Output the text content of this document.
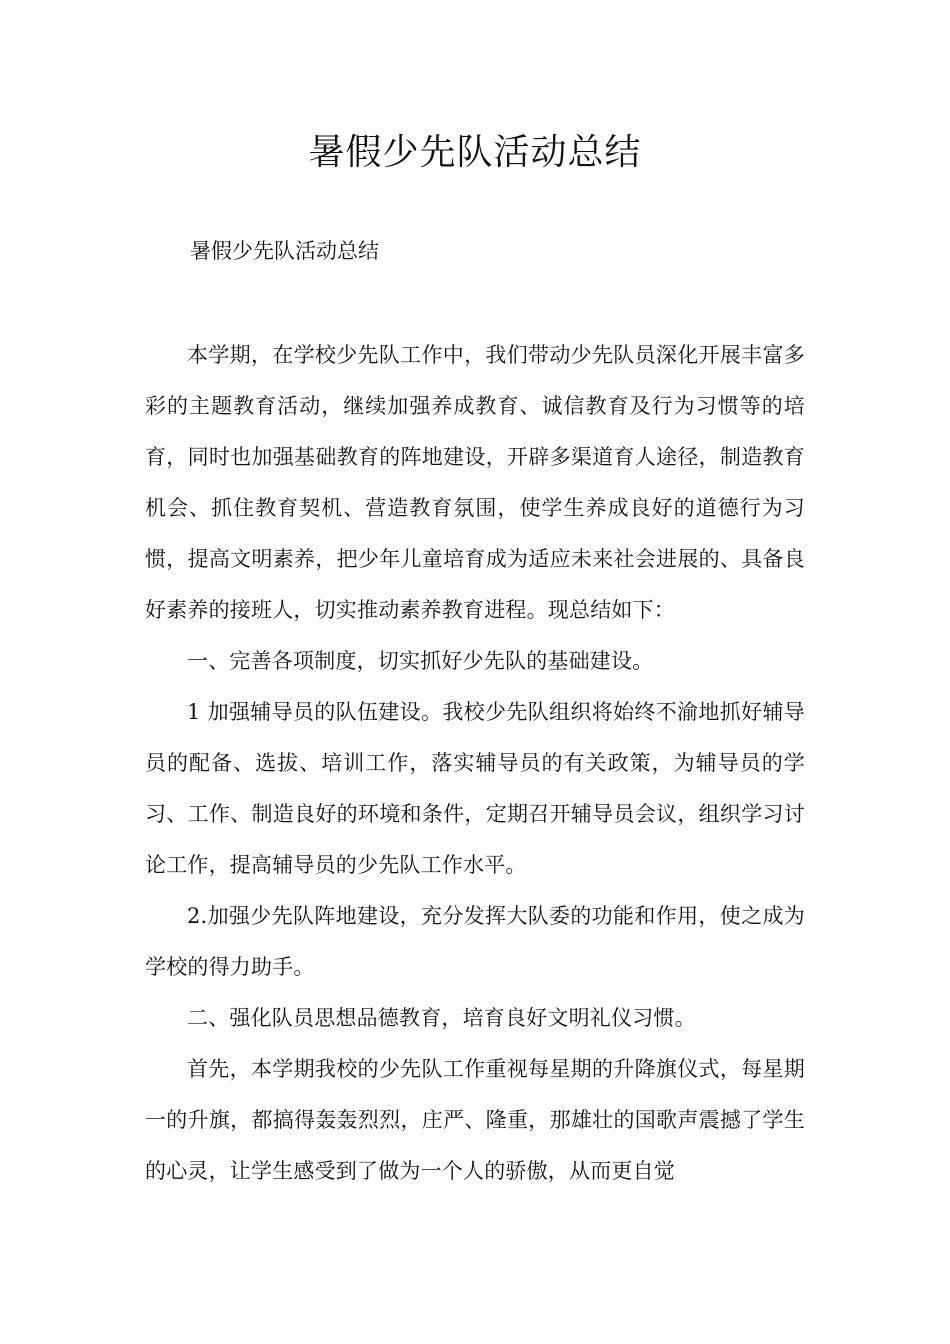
暑假少先队活动总结

暑假少先队活动总结

本学期，在学校少先队工作中，我们带动少先队员深化开展丰富多彩的主题教育活动，继续加强养成教育、诚信教育及行为习惯等的培育，同时也加强基础教育的阵地建设，开辟多渠道育人途径，制造教育机会、抓住教育契机、营造教育氛围，使学生养成良好的道德行为习惯，提高文明素养，把少年儿童培育成为适应未来社会进展的、具备良好素养的接班人，切实推动素养教育进程。现总结如下：

一、完善各项制度，切实抓好少先队的基础建设。

1 加强辅导员的队伍建设。我校少先队组织将始终不渝地抓好辅导员的配备、选拔、培训工作，落实辅导员的有关政策，为辅导员的学习、工作、制造良好的环境和条件，定期召开辅导员会议，组织学习讨论工作，提高辅导员的少先队工作水平。

2.加强少先队阵地建设，充分发挥大队委的功能和作用，使之成为学校的得力助手。

二、强化队员思想品德教育，培育良好文明礼仪习惯。

首先，本学期我校的少先队工作重视每星期的升降旗仪式，每星期一的升旗，都搞得轰轰烈烈，庄严、隆重，那雄壮的国歌声震撼了学生的心灵，让学生感受到了做为一个人的骄傲，从而更自觉
